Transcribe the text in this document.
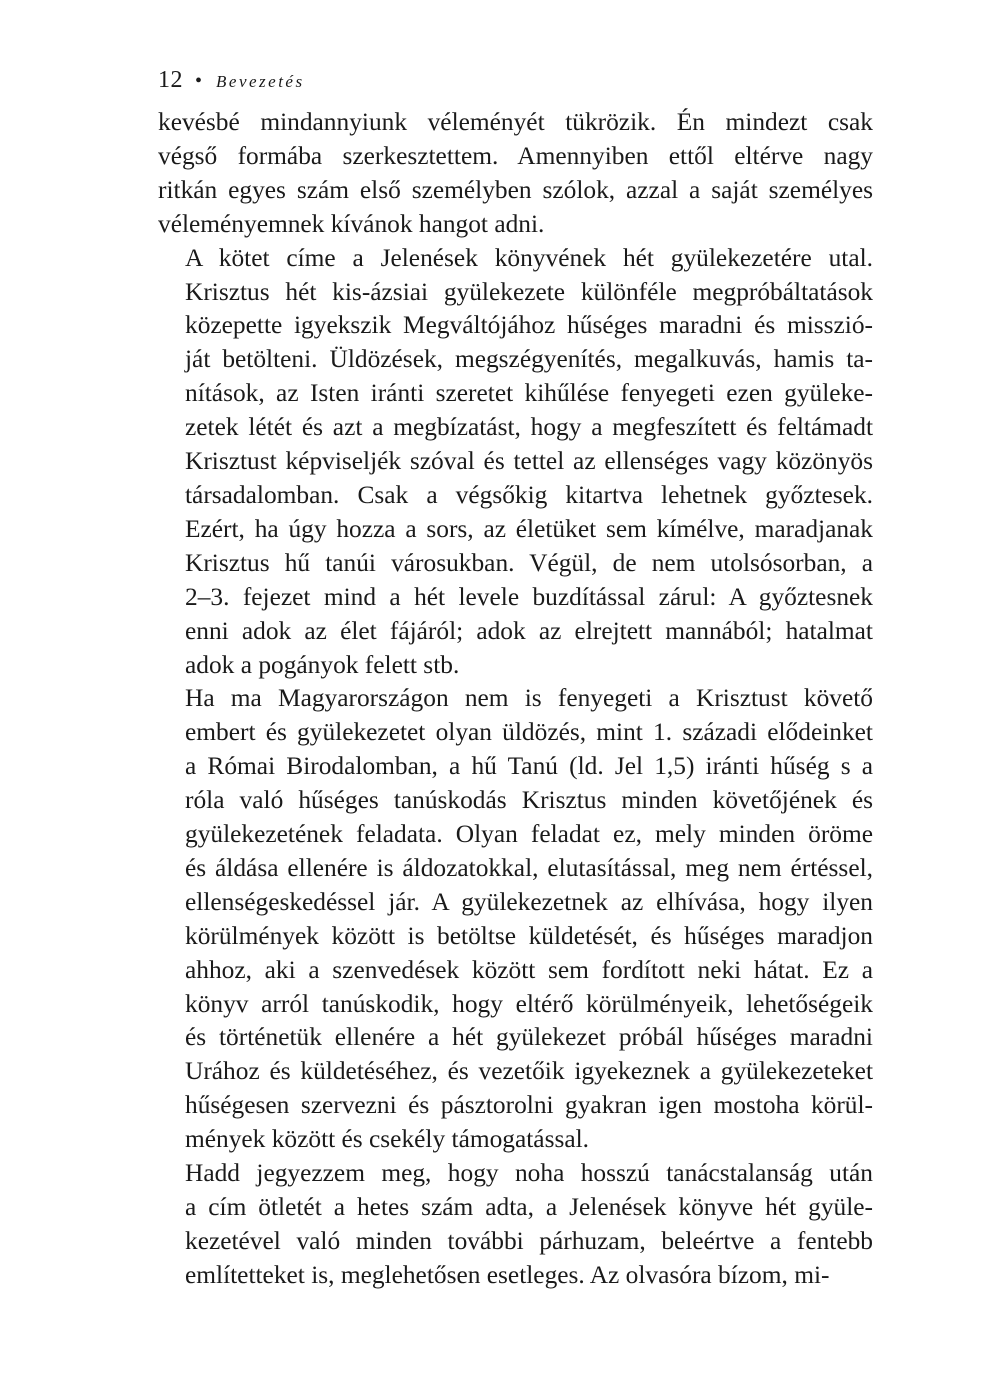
12 • Bevezetés

kevésbé mindannyiunk véleményét tükrözik. Én mindezt csak
végső formába szerkesztettem. Amennyiben ettől eltérve nagy
ritkán egyes szám első személyben szólok, azzal a saját személyes
véleményemnek kívánok hangot adni.

A kötet címe a Jelenések könyvének hét gyülekezetére utal.
Krisztus hét kis-ázsiai gyülekezete különféle megpróbáltatások
közepette igyekszik Megváltójához hűséges maradni és misszió-
ját betölteni. Üldözések, megszégyenítés, megalkuvás, hamis ta-
nítások, az Isten iránti szeretet kihűlése fenyegeti ezen gyüleke-
zetek létét és azt a megbízatást, hogy a megfeszített és feltámadt
Krisztust képviseljék szóval és tettel az ellenséges vagy közönyös
társadalomban. Csak a végsőkig kitartva lehetnek győztesek.
Ezért, ha úgy hozza a sors, az életüket sem kímélve, maradjanak
Krisztus hű tanúi városukban. Végül, de nem utolsósorban, a
2–3. fejezet mind a hét levele buzdítással zárul: A győztesnek
enni adok az élet fájáról; adok az elrejtett mannából; hatalmat
adok a pogányok felett stb.

Ha ma Magyarországon nem is fenyegeti a Krisztust követő
embert és gyülekezetet olyan üldözés, mint 1. századi elődeinket
a Római Birodalomban, a hű Tanú (ld. Jel 1,5) iránti hűség s a
róla való hűséges tanúskodás Krisztus minden követőjének és
gyülekezetének feladata. Olyan feladat ez, mely minden öröme
és áldása ellenére is áldozatokkal, elutasítással, meg nem értéssel,
ellenségeskedéssel jár. A gyülekezetnek az elhívása, hogy ilyen
körülmények között is betöltse küldetését, és hűséges maradjon
ahhoz, aki a szenvedések között sem fordított neki hátat. Ez a
könyv arról tanúskodik, hogy eltérő körülményeik, lehetőségeik
és történetük ellenére a hét gyülekezet próbál hűséges maradni
Urához és küldetéséhez, és vezetőik igyekeznek a gyülekezeteket
hűségesen szervezni és pásztorolni gyakran igen mostoha körül-
mények között és csekély támogatással.

Hadd jegyezzem meg, hogy noha hosszú tanácstalanság után
a cím ötletét a hetes szám adta, a Jelenések könyve hét gyüle-
kezetével való minden további párhuzam, beleértve a fentebb
említetteket is, meglehetősen esetleges. Az olvasóra bízom, mi-
